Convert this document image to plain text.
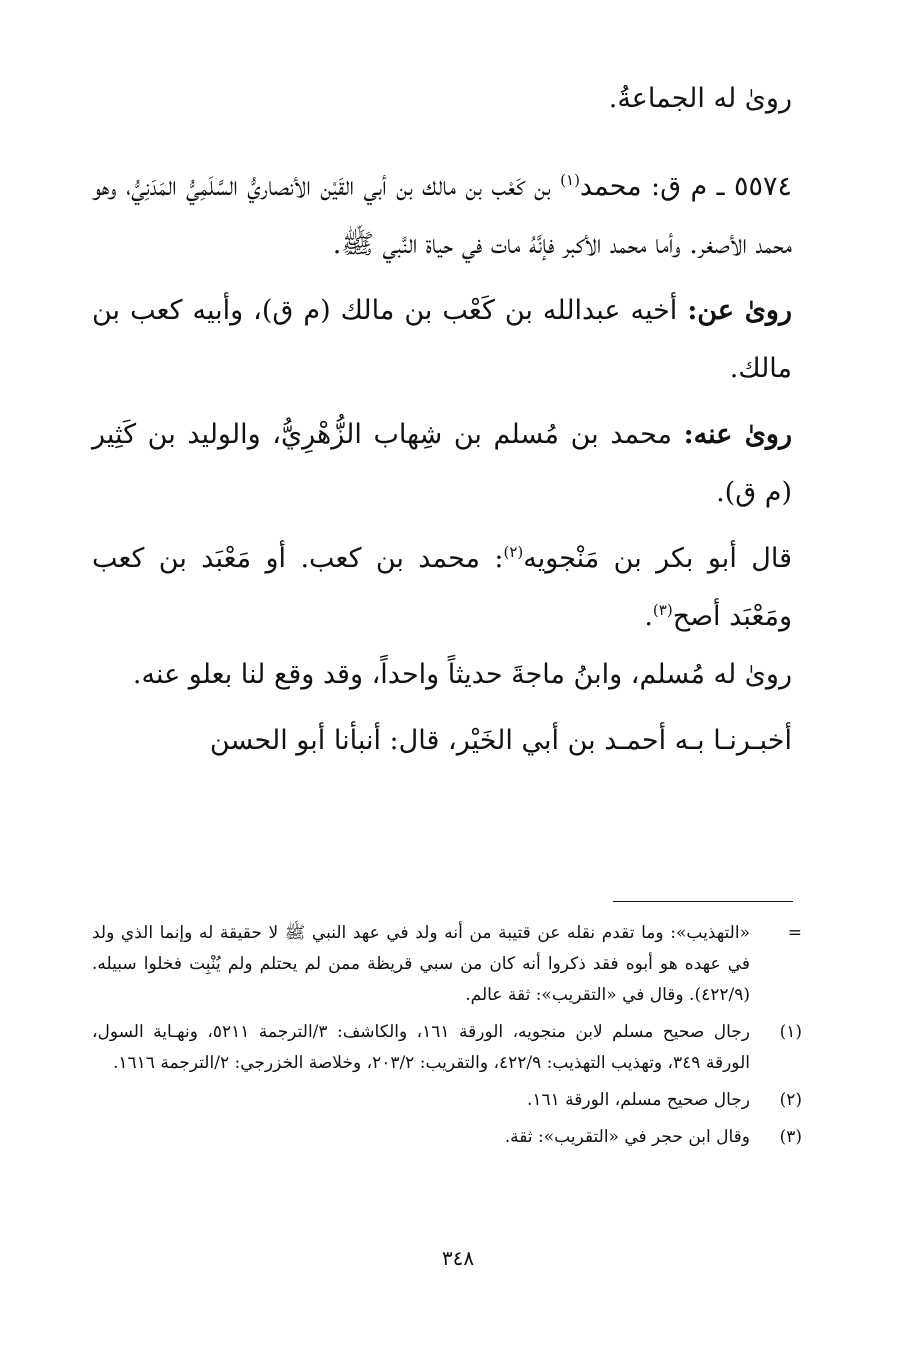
روىٰ له الجماعةُ.

٥٥٧٤ ـ م ق: محمد$^{(١)}$ بن كَعْب بن مالك بن أبي القَيْن الأنصاريُّ السَّلَمِيُّ المَدَنِيُّ، وهو محمد الأصغر. وأما محمد الأكبر فإنَّهُ مات في حياة النَّبي ﷺ.

روىٰ عن: أخيه عبدالله بن كَعْب بن مالك (م ق)، وأبيه كعب بن مالك.

روىٰ عنه: محمد بن مُسلم بن شِهاب الزُّهْرِيُّ، والوليد بن كَثِير (م ق).

قال أبو بكر بن مَنْجويه$^{(٢)}$: محمد بن كعب. أو مَعْبَد بن كعب ومَعْبَد أصح$^{(٣)}$.

روىٰ له مُسلم، وابنُ ماجةَ حديثاً واحداً، وقد وقع لنا بعلو عنه.

أخبـرنـا بـه أحمـد بن أبي الخَيْر، قال: أنبأنا أبو الحسن

=
«التهذيب»: وما تقدم نقله عن قتيبة من أنه ولد في عهد النبي ﷺ لا حقيقة له وإنما الذي ولد في عهده هو أبوه فقد ذكروا أنه كان من سبي قريظة ممن لم يحتلم ولم يُنْبِت فخلوا سبيله. (٤٢٢/٩). وقال في «التقريب»: ثقة عالم.
(١)
رجال صحيح مسلم لابن منجويه، الورقة ١٦١، والكاشف: ٣/الترجمة ٥٢١١، ونهـاية السول، الورقة ٣٤٩، وتهذيب التهذيب: ٤٢٢/٩، والتقريب: ٢٠٣/٢، وخلاصة الخزرجي: ٢/الترجمة ١٦١٦.
(٢)
رجال صحيح مسلم، الورقة ١٦١.
(٣)
وقال ابن حجر في «التقريب»: ثقة.
٣٤٨
